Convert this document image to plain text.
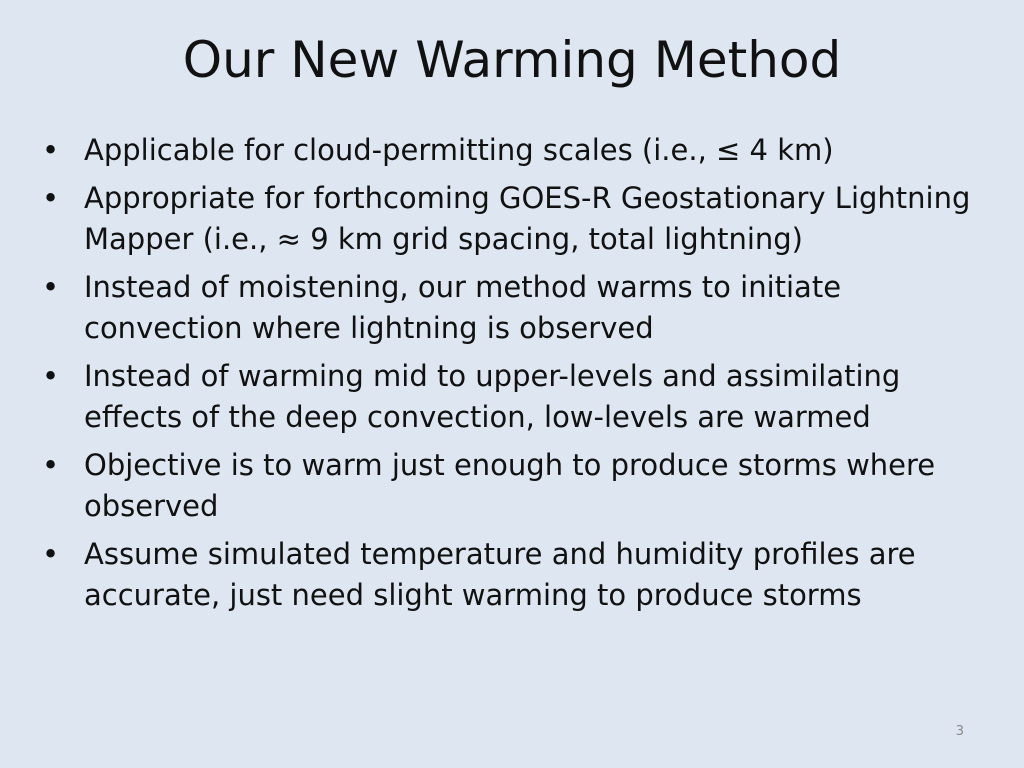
Our New Warming Method
• Applicable for cloud-permitting scales (i.e., ≤ 4 km)
• Appropriate for forthcoming GOES-R Geostationary Lightning Mapper (i.e., ≈ 9 km grid spacing, total lightning)
• Instead of moistening, our method warms to initiate convection where lightning is observed
• Instead of warming mid to upper-levels and assimilating effects of the deep convection, low-levels are warmed
• Objective is to warm just enough to produce storms where observed
• Assume simulated temperature and humidity profiles are accurate, just need slight warming to produce storms
3
